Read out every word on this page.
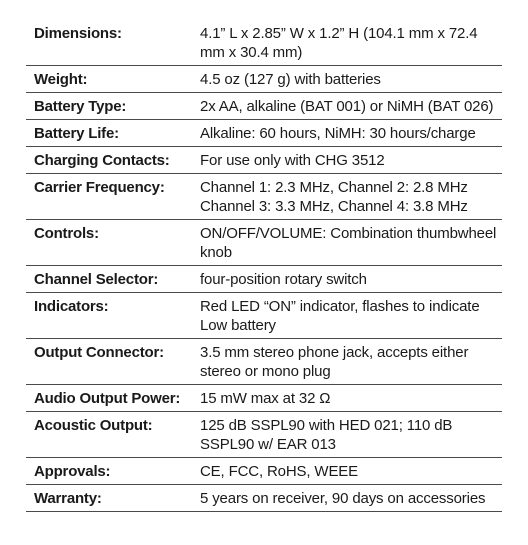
Dimensions:	4.1” L x 2.85” W x 1.2” H (104.1 mm x 72.4
mm x 30.4 mm)
Weight:	4.5 oz (127 g) with batteries
Battery Type:	2x AA, alkaline (BAT 001) or NiMH (BAT 026)
Battery Life:	Alkaline: 60 hours, NiMH: 30 hours/charge
Charging Contacts:	For use only with CHG 3512
Carrier Frequency:	Channel 1: 2.3 MHz, Channel 2: 2.8 MHz
Channel 3: 3.3 MHz, Channel 4: 3.8 MHz
Controls:	ON/OFF/VOLUME: Combination thumbwheel
knob
Channel Selector:	four-position rotary switch
Indicators:	Red LED “ON” indicator, flashes to indicate
Low battery
Output Connector:	3.5 mm stereo phone jack, accepts either
stereo or mono plug
Audio Output Power:	15 mW max at 32 Ω
Acoustic Output:	125 dB SSPL90 with HED 021; 110 dB
SSPL90 w/ EAR 013
Approvals:	CE, FCC, RoHS, WEEE
Warranty:	5 years on receiver, 90 days on accessories
